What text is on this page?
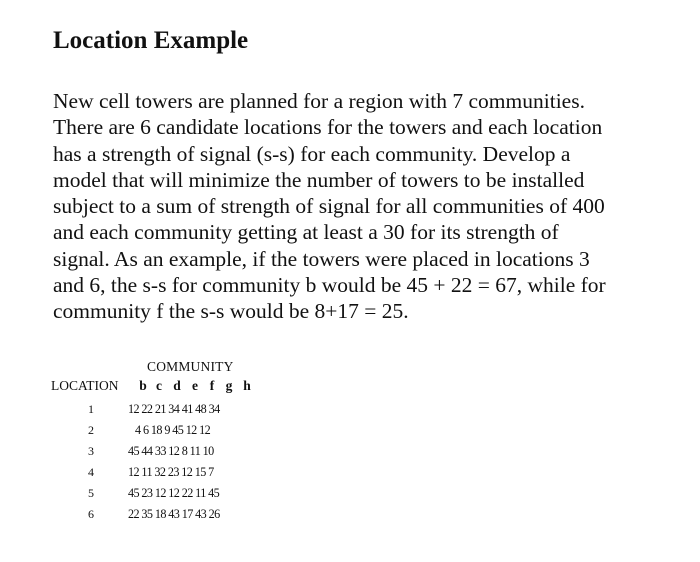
Location Example
New cell towers are planned for a region with 7 communities.
There are 6 candidate locations for the towers and each location
has a strength of signal (s-s) for each community. Develop a
model that will minimize the number of towers to be installed
subject to a sum of strength of signal for all communities of 400
and each community getting at least a 30 for its strength of
signal. As an example, if the towers were placed in locations 3
and 6, the s-s for community b would be 45 + 22 = 67, while for
community f the s-s would be 8+17 = 25.
COMMUNITY
LOCATION b c d e f g h
1	12 22 21 34 41 48 34
2	4 6 18 9 45 12 12
3	45 44 33 12 8 11 10
4	12 11 32 23 12 15 7
5	45 23 12 12 22 11 45
6	22 35 18 43 17 43 26
